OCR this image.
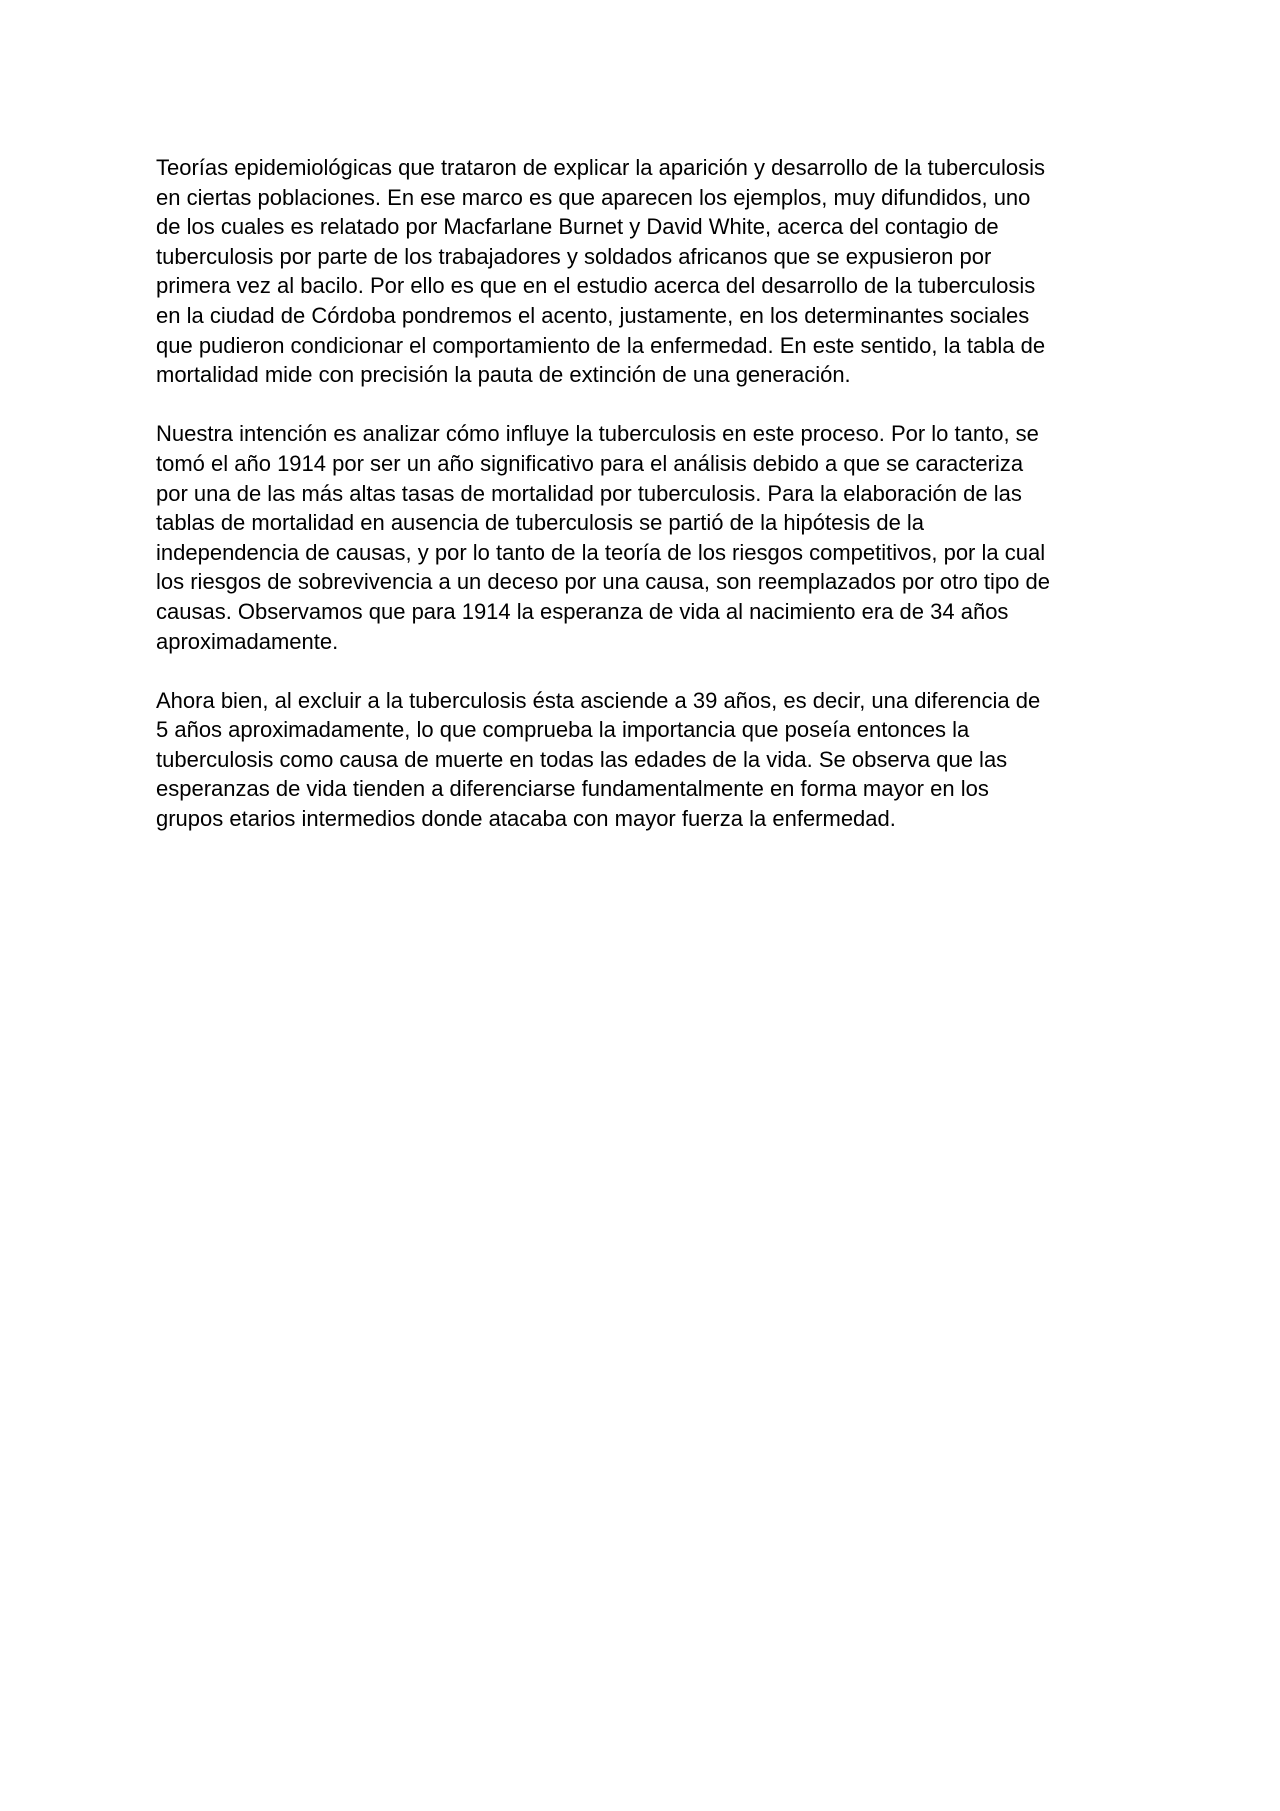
Teorías epidemiológicas que trataron de explicar la aparición y desarrollo de la tuberculosis
en ciertas poblaciones. En ese marco es que aparecen los ejemplos, muy difundidos, uno
de los cuales es relatado por Macfarlane Burnet y David White, acerca del contagio de
tuberculosis por parte de los trabajadores y soldados africanos que se expusieron por
primera vez al bacilo. Por ello es que en el estudio acerca del desarrollo de la tuberculosis
en la ciudad de Córdoba pondremos el acento, justamente, en los determinantes sociales
que pudieron condicionar el comportamiento de la enfermedad. En este sentido, la tabla de
mortalidad mide con precisión la pauta de extinción de una generación.
Nuestra intención es analizar cómo influye la tuberculosis en este proceso. Por lo tanto, se
tomó el año 1914 por ser un año significativo para el análisis debido a que se caracteriza
por una de las más altas tasas de mortalidad por tuberculosis. Para la elaboración de las
tablas de mortalidad en ausencia de tuberculosis se partió de la hipótesis de la
independencia de causas, y por lo tanto de la teoría de los riesgos competitivos, por la cual
los riesgos de sobrevivencia a un deceso por una causa, son reemplazados por otro tipo de
causas. Observamos que para 1914 la esperanza de vida al nacimiento era de 34 años
aproximadamente.
Ahora bien, al excluir a la tuberculosis ésta asciende a 39 años, es decir, una diferencia de
5 años aproximadamente, lo que comprueba la importancia que poseía entonces la
tuberculosis como causa de muerte en todas las edades de la vida. Se observa que las
esperanzas de vida tienden a diferenciarse fundamentalmente en forma mayor en los
grupos etarios intermedios donde atacaba con mayor fuerza la enfermedad.
